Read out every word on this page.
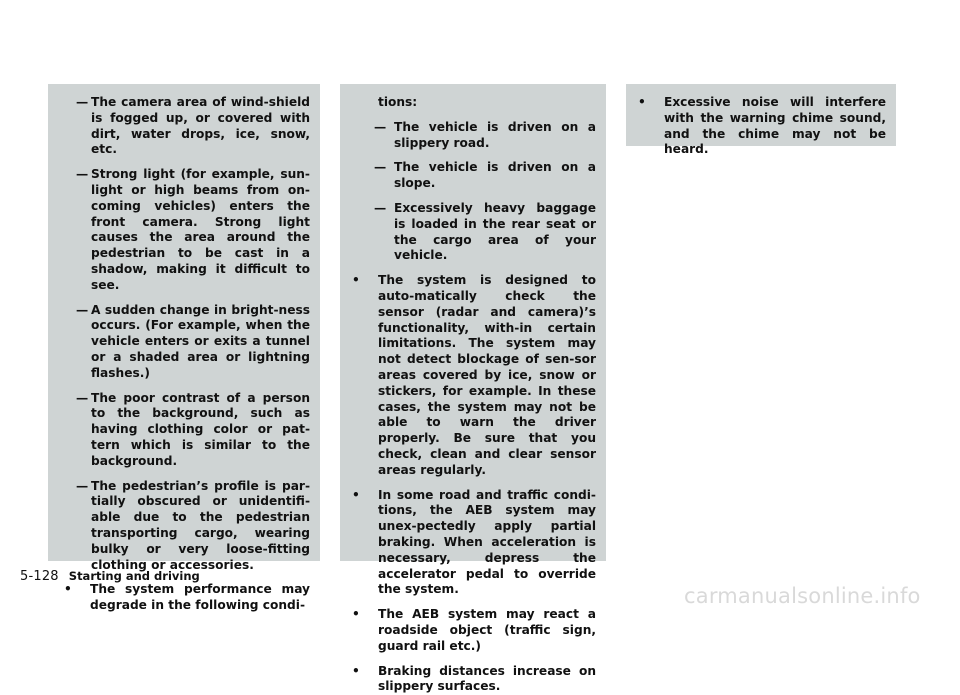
— The camera area of wind-shield is fogged up, or covered with dirt, water drops, ice, snow, etc.
— Strong light (for example, sun-light or high beams from on-coming vehicles) enters the front camera. Strong light causes the area around the pedestrian to be cast in a shadow, making it difficult to see.
— A sudden change in bright-ness occurs. (For example, when the vehicle enters or exits a tunnel or a shaded area or lightning flashes.)
— The poor contrast of a person to the background, such as having clothing color or pat-tern which is similar to the background.
— The pedestrian’s profile is par-tially obscured or unidentifi-able due to the pedestrian transporting cargo, wearing bulky or very loose-fitting clothing or accessories.
• The system performance may degrade in the following condi-
tions:
— The vehicle is driven on a slippery road.
— The vehicle is driven on a slope.
— Excessively heavy baggage is loaded in the rear seat or the cargo area of your vehicle.
• The system is designed to auto-matically check the sensor (radar and camera)’s functionality, with-in certain limitations. The system may not detect blockage of sen-sor areas covered by ice, snow or stickers, for example. In these cases, the system may not be able to warn the driver properly. Be sure that you check, clean and clear sensor areas regularly.
• In some road and traffic condi-tions, the AEB system may unex-pectedly apply partial braking. When acceleration is necessary, depress the accelerator pedal to override the system.
• The AEB system may react a roadside object (traffic sign, guard rail etc.)
• Braking distances increase on slippery surfaces.
• Excessive noise will interfere with the warning chime sound, and the chime may not be heard.
5-128 Starting and driving
carmanualsonline.info
